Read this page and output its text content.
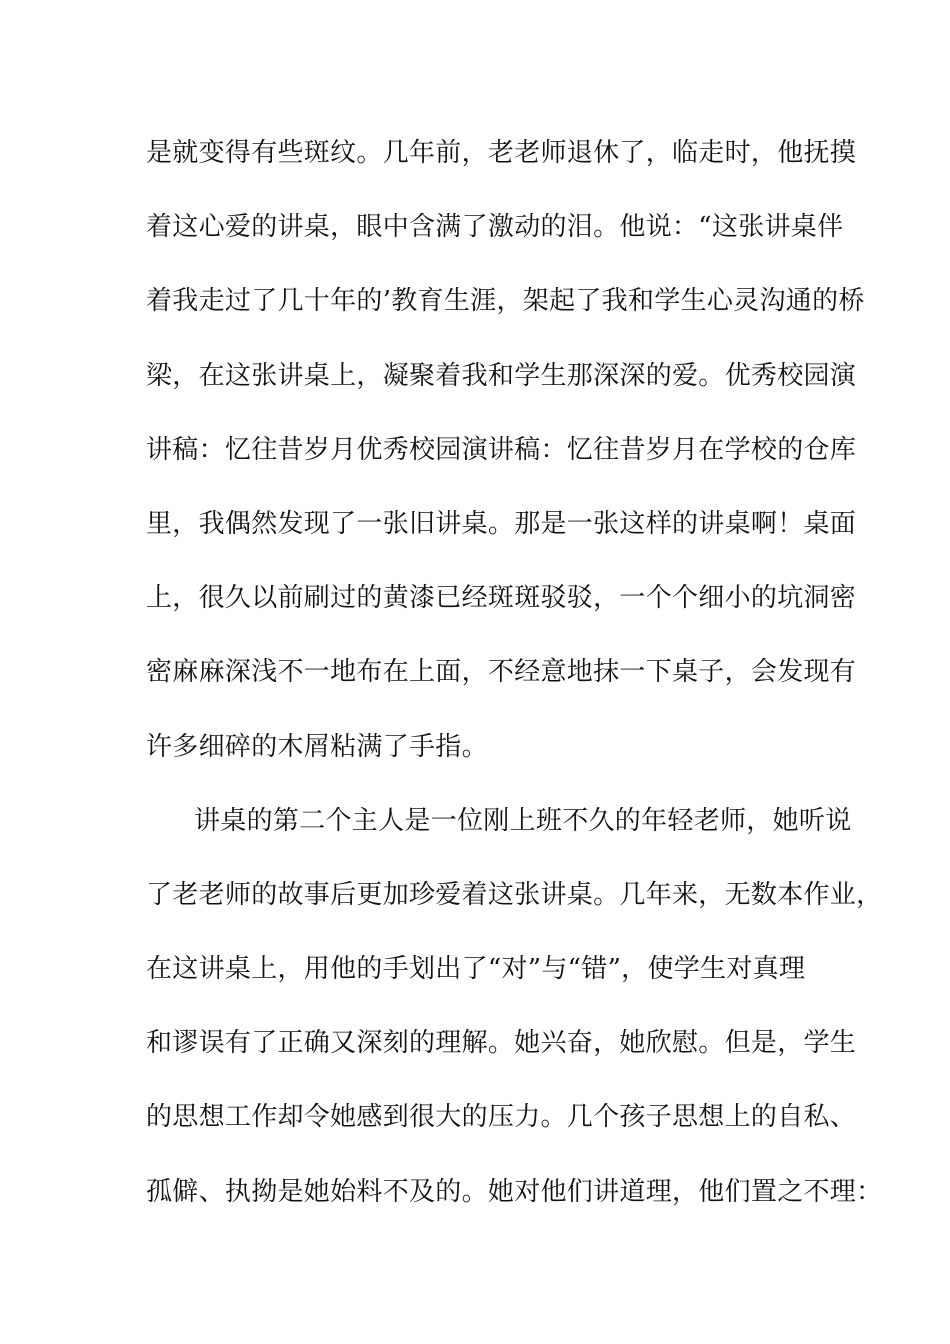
是就变得有些斑纹。几年前，老老师退休了，临走时，他抚摸
着这心爱的讲桌，眼中含满了激动的泪。他说：“这张讲桌伴
着我走过了几十年的’教育生涯，架起了我和学生心灵沟通的桥
梁，在这张讲桌上，凝聚着我和学生那深深的爱。优秀校园演
讲稿：忆往昔岁月优秀校园演讲稿：忆往昔岁月在学校的仓库
里，我偶然发现了一张旧讲桌。那是一张这样的讲桌啊！桌面
上，很久以前刷过的黄漆已经斑斑驳驳，一个个细小的坑洞密
密麻麻深浅不一地布在上面，不经意地抹一下桌子，会发现有
许多细碎的木屑粘满了手指。
讲桌的第二个主人是一位刚上班不久的年轻老师，她听说
了老老师的故事后更加珍爱着这张讲桌。几年来，无数本作业，
在这讲桌上，用他的手划出了“对”与“错”，使学生对真理
和谬误有了正确又深刻的理解。她兴奋，她欣慰。但是，学生
的思想工作却令她感到很大的压力。几个孩子思想上的自私、
孤僻、执拗是她始料不及的。她对他们讲道理，他们置之不理：
